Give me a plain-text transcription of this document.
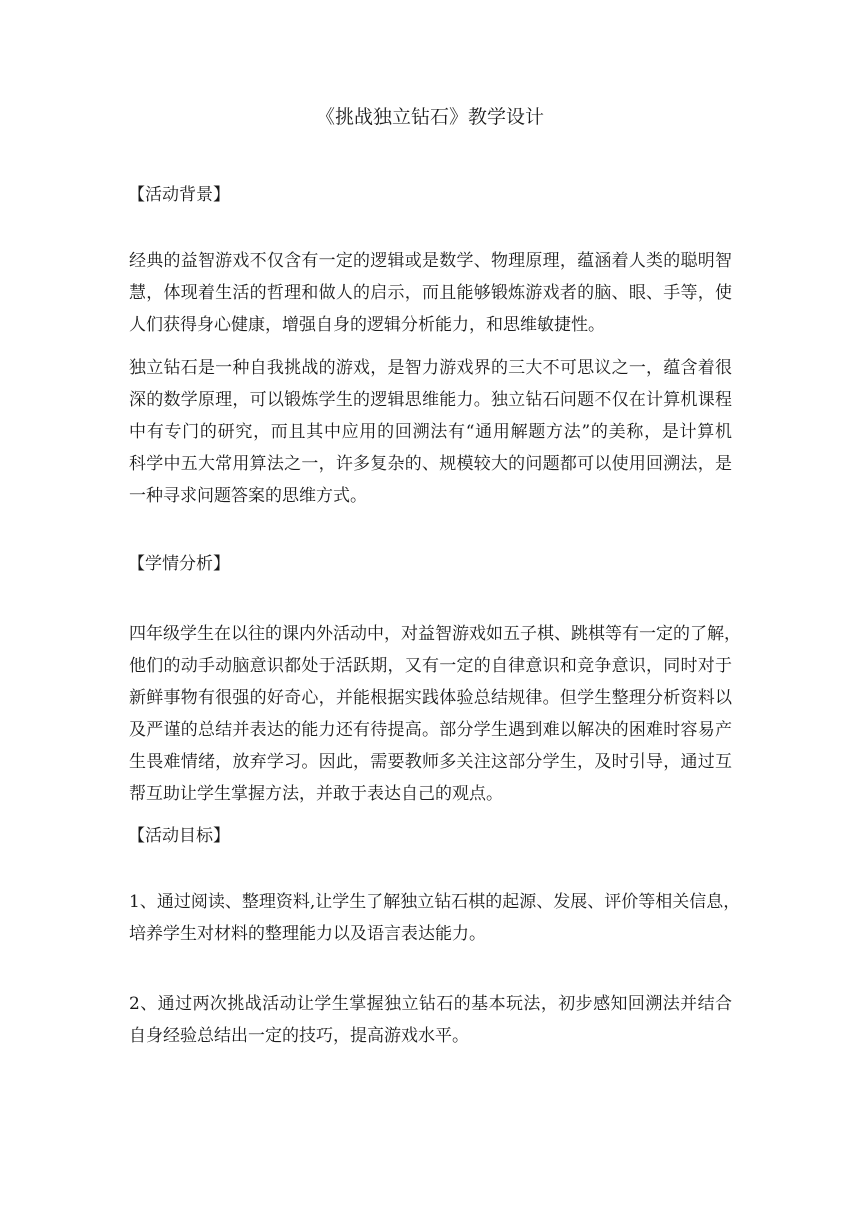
《挑战独立钻石》教学设计
【活动背景】
经典的益智游戏不仅含有一定的逻辑或是数学、物理原理，蕴涵着人类的聪明智
慧，体现着生活的哲理和做人的启示，而且能够锻炼游戏者的脑、眼、手等，使
人们获得身心健康，增强自身的逻辑分析能力，和思维敏捷性。
独立钻石是一种自我挑战的游戏，是智力游戏界的三大不可思议之一，蕴含着很
深的数学原理，可以锻炼学生的逻辑思维能力。独立钻石问题不仅在计算机课程
中有专门的研究，而且其中应用的回溯法有“通用解题方法”的美称，是计算机
科学中五大常用算法之一，许多复杂的、规模较大的问题都可以使用回溯法，是
一种寻求问题答案的思维方式。
【学情分析】
四年级学生在以往的课内外活动中，对益智游戏如五子棋、跳棋等有一定的了解，
他们的动手动脑意识都处于活跃期，又有一定的自律意识和竞争意识，同时对于
新鲜事物有很强的好奇心，并能根据实践体验总结规律。但学生整理分析资料以
及严谨的总结并表达的能力还有待提高。部分学生遇到难以解决的困难时容易产
生畏难情绪，放弃学习。因此，需要教师多关注这部分学生，及时引导，通过互
帮互助让学生掌握方法，并敢于表达自己的观点。
【活动目标】
1、通过阅读、整理资料,让学生了解独立钻石棋的起源、发展、评价等相关信息，
培养学生对材料的整理能力以及语言表达能力。
2、通过两次挑战活动让学生掌握独立钻石的基本玩法，初步感知回溯法并结合
自身经验总结出一定的技巧，提高游戏水平。
